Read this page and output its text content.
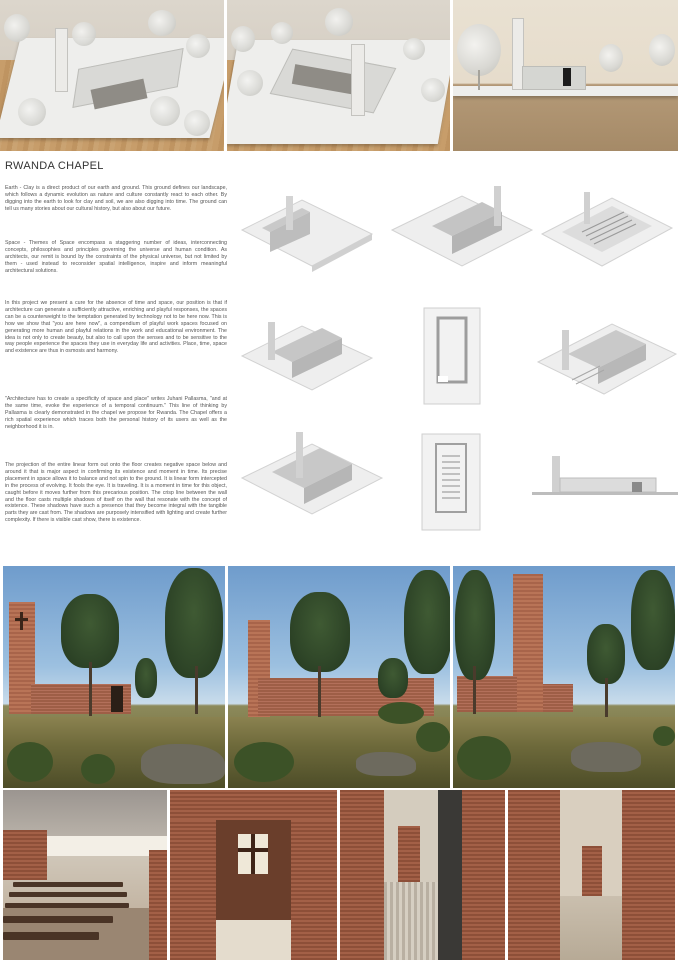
RWANDA CHAPEL

Earth - Clay is a direct product of our earth and ground. This ground defines our landscape, which follows a dynamic evolution as nature and culture constantly react to each other. By digging into the earth to look for clay and soil, we are also digging into time. The ground can tell us many stories about our cultural history, but also about our future.

Space - Themes of Space encompass a staggering number of ideas, interconnecting concepts, philosophies and principles governing the universe and human condition. As architects, our remit is bound by the constraints of the physical universe, but not limited by them - used instead to reconsider spatial intelligence, inspire and inform meaningful architectural solutions.

In this project we present a cure for the absence of time and space, our position is that if architecture can generate a sufficiently attractive, enriching and playful responses, the spaces can be a counterweight to the temptation generated by technology not to be here now. This is how we show that "you are here now", a compendium of playful work spaces focused on generating more human and playful relations in the work and educational environment. The idea is not only to create beauty, but also to call upon the senses and to be sensitive to the way people experience the spaces they use in everyday life and activities. Place, time, space and existence are thus in osmosis and harmony.

"Architecture has to create a specificity of space and place" writes Juhani Pallasma, "and at the same time, evoke the experience of a temporal continuum." This line of thinking by Pallasma is clearly demonstrated in the chapel we propose for Rwanda. The Chapel offers a rich spatial experience which traces both the personal history of its users as well as the neighborhood it is in.

The projection of the entire linear form out onto the floor creates negative space below and around it that is major aspect in confirming its existence and moment in time. Its precise placement in space allows it to balance and not spin to the ground. It is linear form intercepted in the process of evolving. It fools the eye. It is traveling. It is a moment in time for this object, caught before it moves further from this precarious position. The crisp line between the wall and the floor casts multiple shadows of itself on the wall that resonate with the concept of existence. These shadows have such a presence that they become integral with the tangible parts they are cast from. The shadows are purposely intensified with lighting and create further complexity. If there is visible cast show, there is existence.
